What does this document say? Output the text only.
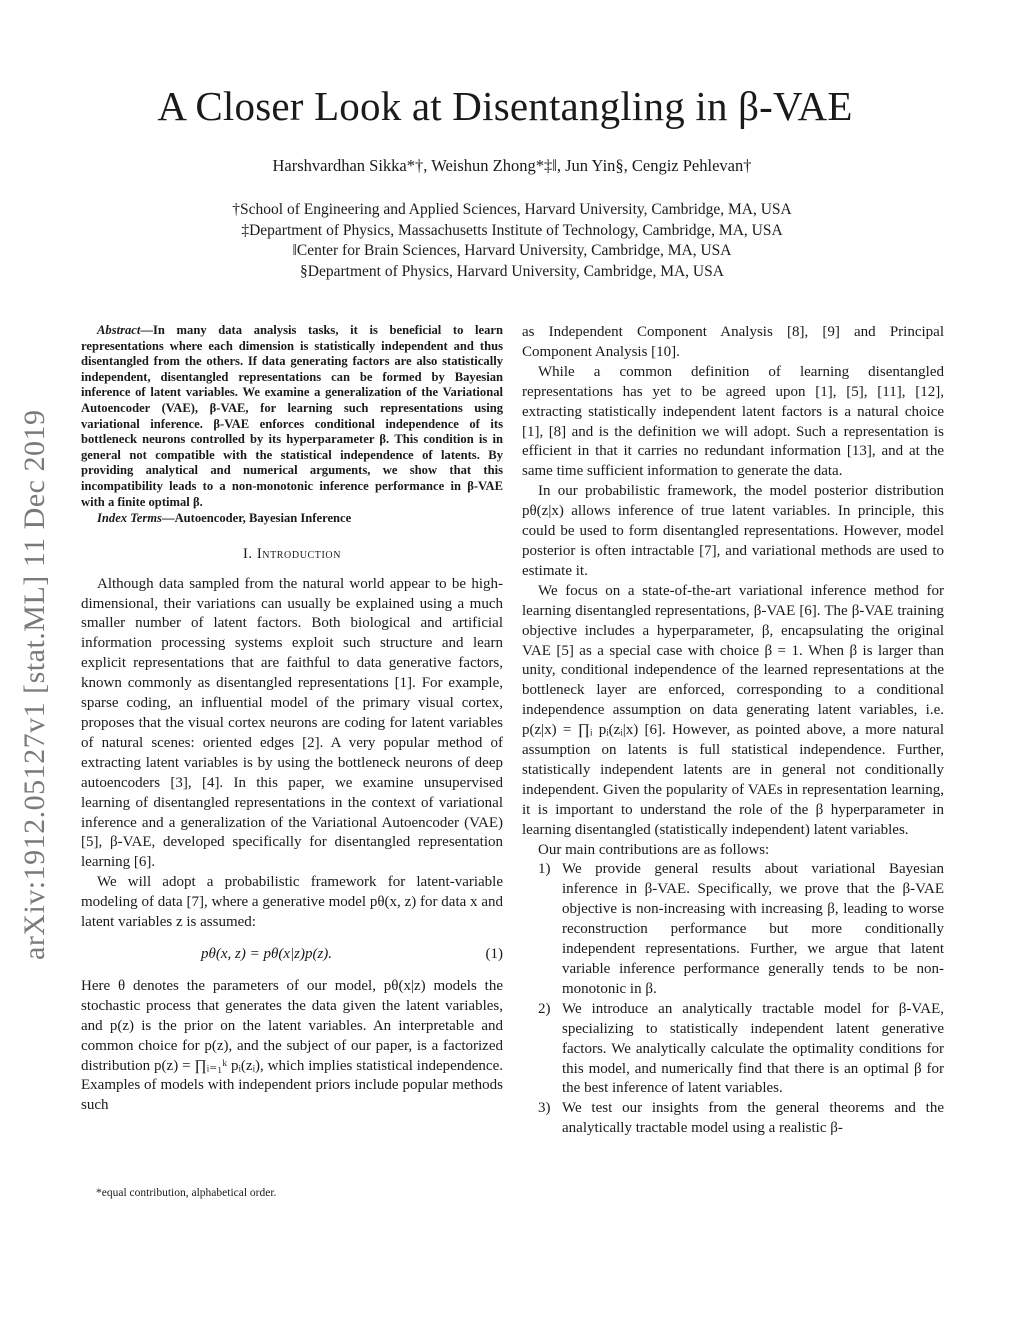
A Closer Look at Disentangling in β-VAE
Harshvardhan Sikka*†, Weishun Zhong*‡‖, Jun Yin§, Cengiz Pehlevan†
†School of Engineering and Applied Sciences, Harvard University, Cambridge, MA, USA
‡Department of Physics, Massachusetts Institute of Technology, Cambridge, MA, USA
‖Center for Brain Sciences, Harvard University, Cambridge, MA, USA
§Department of Physics, Harvard University, Cambridge, MA, USA
arXiv:1912.05127v1 [stat.ML] 11 Dec 2019
Abstract—In many data analysis tasks, it is beneficial to learn representations where each dimension is statistically independent and thus disentangled from the others. If data generating factors are also statistically independent, disentangled representations can be formed by Bayesian inference of latent variables. We examine a generalization of the Variational Autoencoder (VAE), β-VAE, for learning such representations using variational inference. β-VAE enforces conditional independence of its bottleneck neurons controlled by its hyperparameter β. This condition is in general not compatible with the statistical independence of latents. By providing analytical and numerical arguments, we show that this incompatibility leads to a non-monotonic inference performance in β-VAE with a finite optimal β.
Index Terms—Autoencoder, Bayesian Inference
I. Introduction

Although data sampled from the natural world appear to be high-dimensional, their variations can usually be explained using a much smaller number of latent factors. Both biological and artificial information processing systems exploit such structure and learn explicit representations that are faithful to data generative factors, known commonly as disentangled representations [1]. For example, sparse coding, an influential model of the primary visual cortex, proposes that the visual cortex neurons are coding for latent variables of natural scenes: oriented edges [2]. A very popular method of extracting latent variables is by using the bottleneck neurons of deep autoencoders [3], [4]. In this paper, we examine unsupervised learning of disentangled representations in the context of variational inference and a generalization of the Variational Autoencoder (VAE) [5], β-VAE, developed specifically for disentangled representation learning [6].

We will adopt a probabilistic framework for latent-variable modeling of data [7], where a generative model pθ(x, z) for data x and latent variables z is assumed:

pθ(x, z) = pθ(x|z)p(z).	(1)

Here θ denotes the parameters of our model, pθ(x|z) models the stochastic process that generates the data given the latent variables, and p(z) is the prior on the latent variables. An interpretable and common choice for p(z), and the subject of our paper, is a factorized distribution p(z) = ∏ᵢ₌₁ᵏ pᵢ(zᵢ), which implies statistical independence. Examples of models with independent priors include popular methods such

as Independent Component Analysis [8], [9] and Principal Component Analysis [10].

While a common definition of learning disentangled representations has yet to be agreed upon [1], [5], [11], [12], extracting statistically independent latent factors is a natural choice [1], [8] and is the definition we will adopt. Such a representation is efficient in that it carries no redundant information [13], and at the same time sufficient information to generate the data.

In our probabilistic framework, the model posterior distribution pθ(z|x) allows inference of true latent variables. In principle, this could be used to form disentangled representations. However, model posterior is often intractable [7], and variational methods are used to estimate it.

We focus on a state-of-the-art variational inference method for learning disentangled representations, β-VAE [6]. The β-VAE training objective includes a hyperparameter, β, encapsulating the original VAE [5] as a special case with choice β = 1. When β is larger than unity, conditional independence of the learned representations at the bottleneck layer are enforced, corresponding to a conditional independence assumption on data generating latent variables, i.e. p(z|x) = ∏ᵢ pᵢ(zᵢ|x) [6]. However, as pointed above, a more natural assumption on latents is full statistical independence. Further, statistically independent latents are in general not conditionally independent. Given the popularity of VAEs in representation learning, it is important to understand the role of the β hyperparameter in learning disentangled (statistically independent) latent variables.

Our main contributions are as follows:

1) We provide general results about variational Bayesian inference in β-VAE. Specifically, we prove that the β-VAE objective is non-increasing with increasing β, leading to worse reconstruction performance but more conditionally independent representations. Further, we argue that latent variable inference performance generally tends to be non-monotonic in β.
2) We introduce an analytically tractable model for β-VAE, specializing to statistically independent latent generative factors. We analytically calculate the optimality conditions for this model, and numerically find that there is an optimal β for the best inference of latent variables.
3) We test our insights from the general theorems and the analytically tractable model using a realistic β-
*equal contribution, alphabetical order.
